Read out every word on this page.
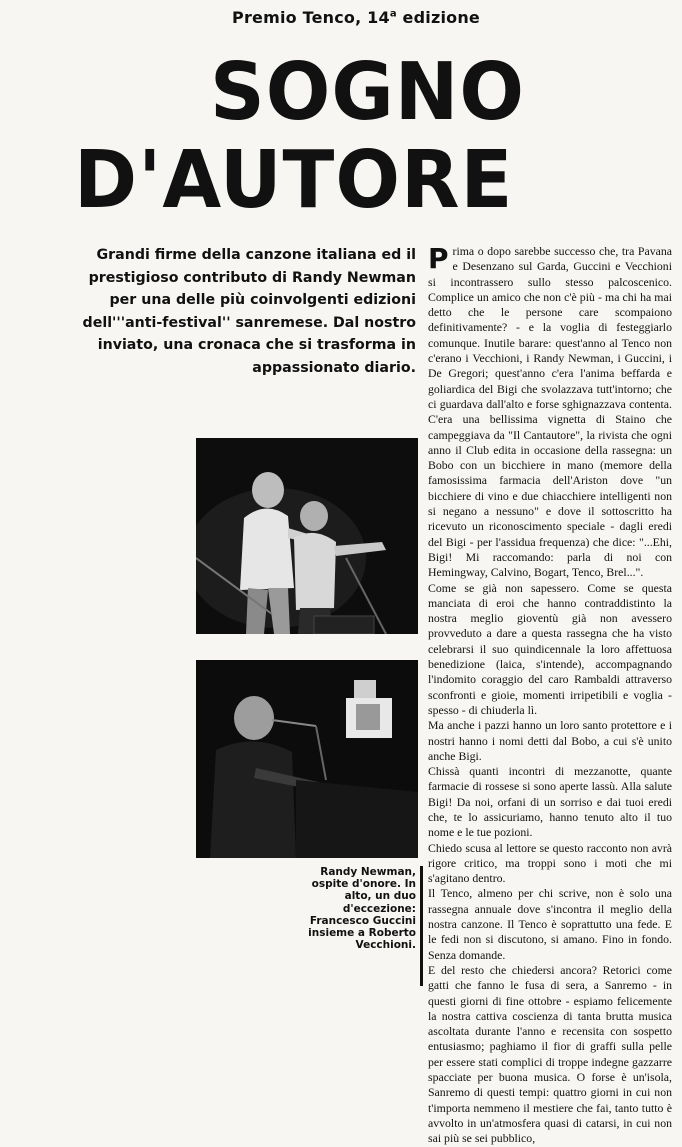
Premio Tenco, 14$^a$ edizione
SOGNO
D'AUTORE
Grandi firme della canzone italiana ed il prestigioso contributo di Randy Newman per una delle più coinvolgenti edizioni dell'''anti-festival'' sanremese. Dal nostro inviato, una cronaca che si trasforma in appassionato diario.
Randy Newman, ospite d'onore. In alto, un duo d'eccezione: Francesco Guccini insieme a Roberto Vecchioni.

Prima o dopo sarebbe successo che, tra Pavana e Desenzano sul Garda, Guccini e Vecchioni si incontrassero sullo stesso palcoscenico. Complice un amico che non c'è più - ma chi ha mai detto che le persone care scompaiono definitivamente? - e la voglia di festeggiarlo comunque. Inutile barare: quest'anno al Tenco non c'erano i Vecchioni, i Randy Newman, i Guccini, i De Gregori; quest'anno c'era l'anima beffarda e goliardica del Bigi che svolazzava tutt'intorno; che ci guardava dall'alto e forse sghignazzava contenta. C'era una bellissima vignetta di Staino che campeggiava da "Il Cantautore", la rivista che ogni anno il Club edita in occasione della rassegna: un Bobo con un bicchiere in mano (memore della famosissima farmacia dell'Ariston dove "un bicchiere di vino e due chiacchiere intelligenti non si negano a nessuno" e dove il sottoscritto ha ricevuto un riconoscimento speciale - dagli eredi del Bigi - per l'assidua frequenza) che dice: "...Ehi, Bigi! Mi raccomando: parla di noi con Hemingway, Calvino, Bogart, Tenco, Brel...".

Come se già non sapessero. Come se questa manciata di eroi che hanno contraddistinto la nostra meglio gioventù già non avessero provveduto a dare a questa rassegna che ha visto celebrarsi il suo quindicennale la loro affettuosa benedizione (laica, s'intende), accompagnando l'indomito coraggio del caro Rambaldi attraverso sconfronti e gioie, momenti irripetibili e voglia - spesso - di chiuderla lì.

Ma anche i pazzi hanno un loro santo protettore e i nostri hanno i nomi detti dal Bobo, a cui s'è unito anche Bigi.

Chissà quanti incontri di mezzanotte, quante farmacie di rossese si sono aperte lassù. Alla salute Bigi! Da noi, orfani di un sorriso e dai tuoi eredi che, te lo assicuriamo, hanno tenuto alto il tuo nome e le tue pozioni.

Chiedo scusa al lettore se questo racconto non avrà rigore critico, ma troppi sono i moti che mi s'agitano dentro.

Il Tenco, almeno per chi scrive, non è solo una rassegna annuale dove s'incontra il meglio della nostra canzone. Il Tenco è soprattutto una fede. E le fedi non si discutono, si amano. Fino in fondo. Senza domande.

E del resto che chiedersi ancora? Retorici come gatti che fanno le fusa di sera, a Sanremo - in questi giorni di fine ottobre - espiamo felicemente la nostra cattiva coscienza di tanta brutta musica ascoltata durante l'anno e recensita con sospetto entusiasmo; paghiamo il fior di graffi sulla pelle per essere stati complici di troppe indegne gazzarre spacciate per buona musica. O forse è un'isola, Sanremo di questi tempi: quattro giorni in cui non t'importa nemmeno il mestiere che fai, tanto tutto è avvolto in un'atmosfera quasi di catarsi, in cui non sai più se sei pubblico,
